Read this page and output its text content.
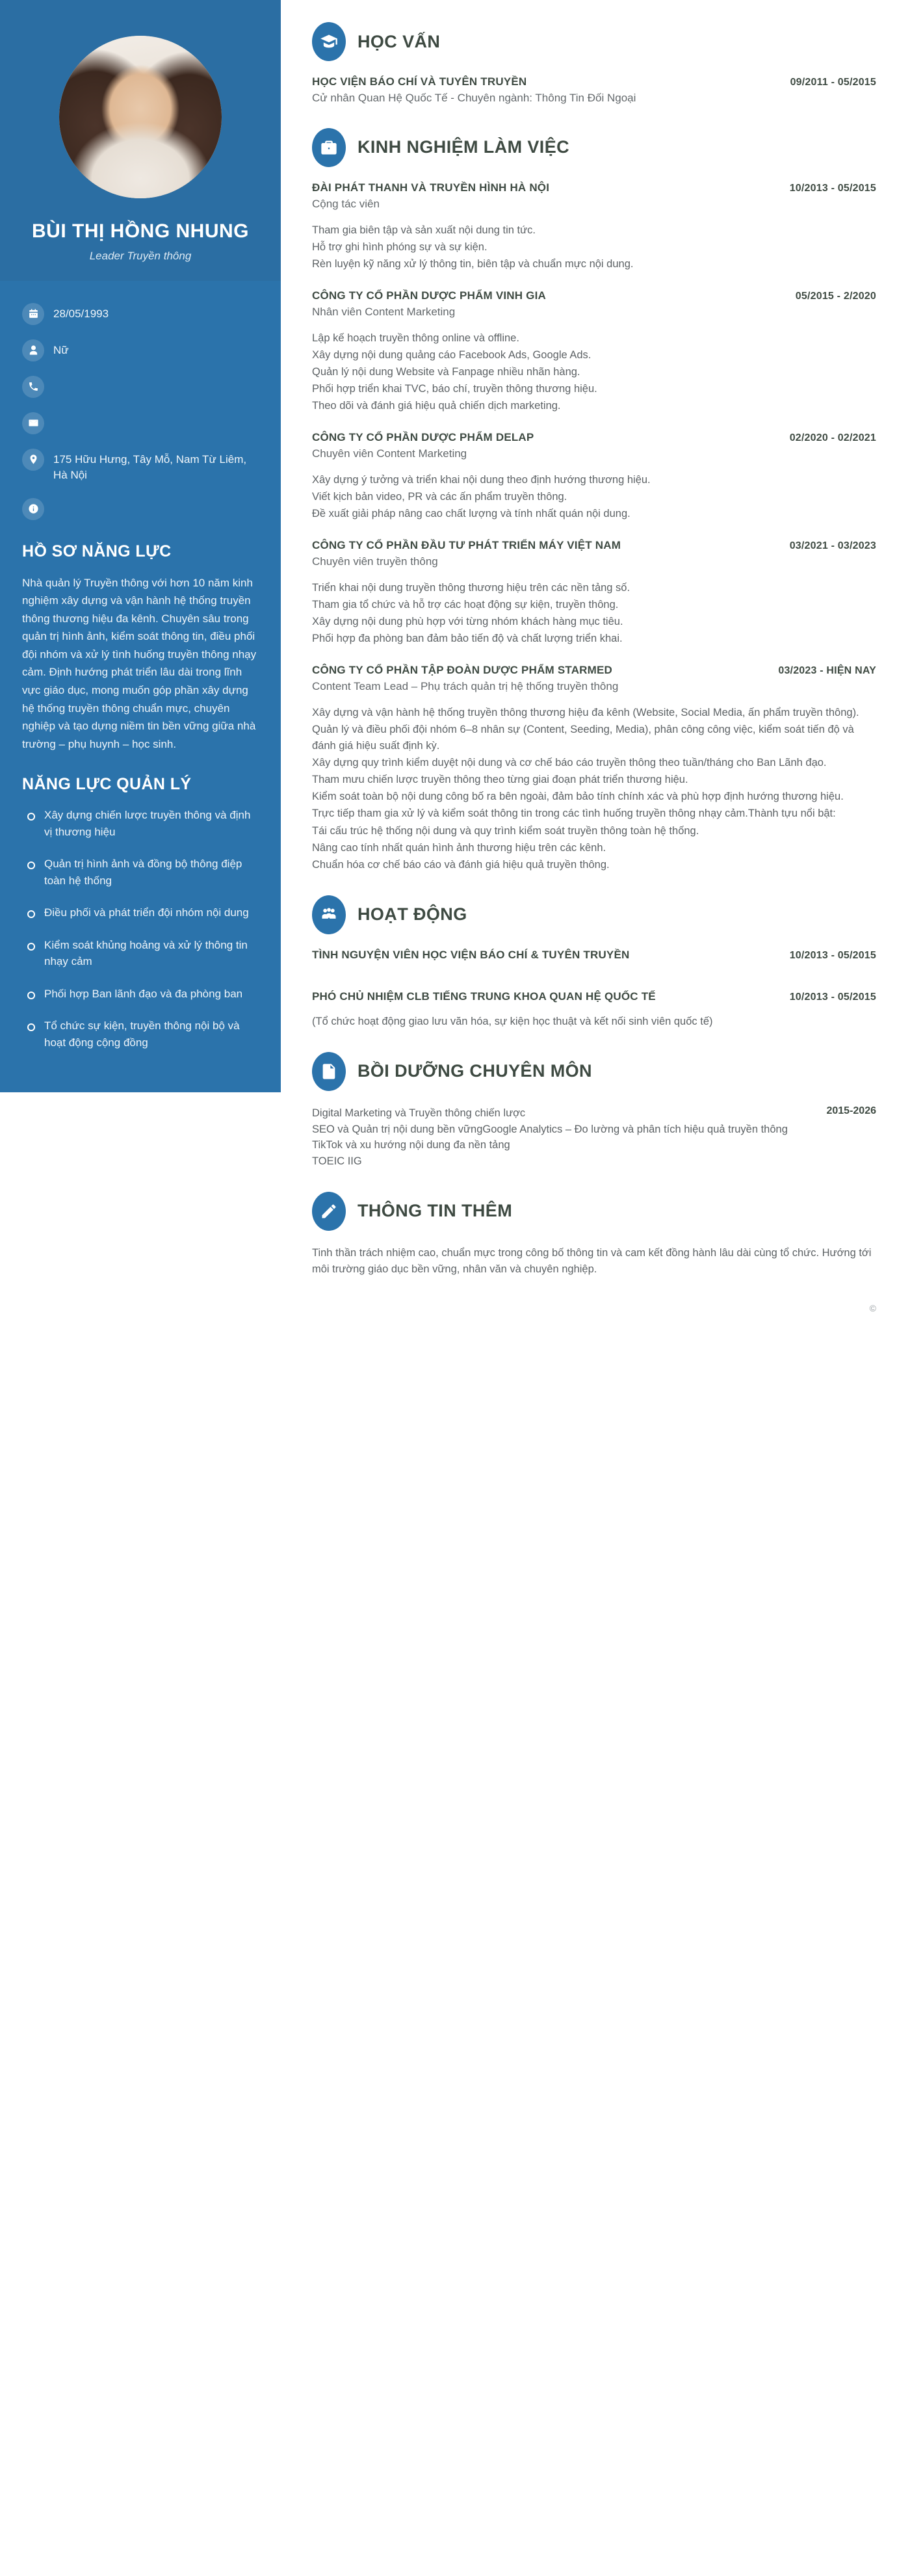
BÙI THỊ HỒNG NHUNG
Leader Truyền thông
28/05/1993
Nữ
175 Hữu Hưng, Tây Mỗ, Nam Từ Liêm, Hà Nội
HỒ SƠ NĂNG LỰC

Nhà quản lý Truyền thông với hơn 10 năm kinh nghiệm xây dựng và vận hành hệ thống truyền thông thương hiệu đa kênh. Chuyên sâu trong quản trị hình ảnh, kiểm soát thông tin, điều phối đội nhóm và xử lý tình huống truyền thông nhạy cảm. Định hướng phát triển lâu dài trong lĩnh vực giáo dục, mong muốn góp phần xây dựng hệ thống truyền thông chuẩn mực, chuyên nghiệp và tạo dựng niềm tin bền vững giữa nhà trường – phụ huynh – học sinh.

NĂNG LỰC QUẢN LÝ
Xây dựng chiến lược truyền thông và định vị thương hiệu
Quản trị hình ảnh và đồng bộ thông điệp toàn hệ thống
Điều phối và phát triển đội nhóm nội dung
Kiểm soát khủng hoảng và xử lý thông tin nhạy cảm
Phối hợp Ban lãnh đạo và đa phòng ban
Tổ chức sự kiện, truyền thông nội bộ và hoạt động cộng đồng
HỌC VẤN
HỌC VIỆN BÁO CHÍ VÀ TUYÊN TRUYỀN	09/2011 - 05/2015
Cử nhân Quan Hệ Quốc Tế - Chuyên ngành: Thông Tin Đối Ngoại
KINH NGHIỆM LÀM VIỆC
ĐÀI PHÁT THANH VÀ TRUYỀN HÌNH HÀ NỘI	10/2013 - 05/2015
Cộng tác viên

Tham gia biên tập và sản xuất nội dung tin tức.

Hỗ trợ ghi hình phóng sự và sự kiện.

Rèn luyện kỹ năng xử lý thông tin, biên tập và chuẩn mực nội dung.

CÔNG TY CỔ PHẦN DƯỢC PHẨM VINH GIA	05/2015 - 2/2020
Nhân viên Content Marketing

Lập kế hoạch truyền thông online và offline.

Xây dựng nội dung quảng cáo Facebook Ads, Google Ads.

Quản lý nội dung Website và Fanpage nhiều nhãn hàng.

Phối hợp triển khai TVC, báo chí, truyền thông thương hiệu.

Theo dõi và đánh giá hiệu quả chiến dịch marketing.

CÔNG TY CỔ PHẦN DƯỢC PHẨM DELAP	02/2020 - 02/2021
Chuyên viên Content Marketing

Xây dựng ý tưởng và triển khai nội dung theo định hướng thương hiệu.

Viết kịch bản video, PR và các ấn phẩm truyền thông.

Đề xuất giải pháp nâng cao chất lượng và tính nhất quán nội dung.

CÔNG TY CỔ PHẦN ĐẦU TƯ PHÁT TRIỂN MÁY VIỆT NAM	03/2021 - 03/2023
Chuyên viên truyền thông

Triển khai nội dung truyền thông thương hiệu trên các nền tảng số.

Tham gia tổ chức và hỗ trợ các hoạt động sự kiện, truyền thông.

Xây dựng nội dung phù hợp với từng nhóm khách hàng mục tiêu.

Phối hợp đa phòng ban đảm bảo tiến độ và chất lượng triển khai.

CÔNG TY CỔ PHẦN TẬP ĐOÀN DƯỢC PHẨM STARMED	03/2023 - HIỆN NAY
Content Team Lead – Phụ trách quản trị hệ thống truyền thông

Xây dựng và vận hành hệ thống truyền thông thương hiệu đa kênh (Website, Social Media, ấn phẩm truyền thông).

Quản lý và điều phối đội nhóm 6–8 nhân sự (Content, Seeding, Media), phân công công việc, kiểm soát tiến độ và đánh giá hiệu suất định kỳ.

Xây dựng quy trình kiểm duyệt nội dung và cơ chế báo cáo truyền thông theo tuần/tháng cho Ban Lãnh đạo.

Tham mưu chiến lược truyền thông theo từng giai đoạn phát triển thương hiệu.

Kiểm soát toàn bộ nội dung công bố ra bên ngoài, đảm bảo tính chính xác và phù hợp định hướng thương hiệu.

Trực tiếp tham gia xử lý và kiểm soát thông tin trong các tình huống truyền thông nhạy cảm.Thành tựu nổi bật:

Tái cấu trúc hệ thống nội dung và quy trình kiểm soát truyền thông toàn hệ thống.

Nâng cao tính nhất quán hình ảnh thương hiệu trên các kênh.

Chuẩn hóa cơ chế báo cáo và đánh giá hiệu quả truyền thông.

HOẠT ĐỘNG
TÌNH NGUYỆN VIÊN HỌC VIỆN BÁO CHÍ & TUYÊN TRUYỀN	10/2013 - 05/2015
PHÓ CHỦ NHIỆM CLB TIẾNG TRUNG KHOA QUAN HỆ QUỐC TẾ	10/2013 - 05/2015

(Tổ chức hoạt động giao lưu văn hóa, sự kiện học thuật và kết nối sinh viên quốc tế)

BỒI DƯỠNG CHUYÊN MÔN

Digital Marketing và Truyền thông chiến lược

SEO và Quản trị nội dung bền vữngGoogle Analytics – Đo lường và phân tích hiệu quả truyền thông

TikTok và xu hướng nội dung đa nền tảng

TOEIC IIG

2015-2026
THÔNG TIN THÊM

Tinh thần trách nhiệm cao, chuẩn mực trong công bố thông tin và cam kết đồng hành lâu dài cùng tổ chức. Hướng tới môi trường giáo dục bền vững, nhân văn và chuyên nghiệp.

©
